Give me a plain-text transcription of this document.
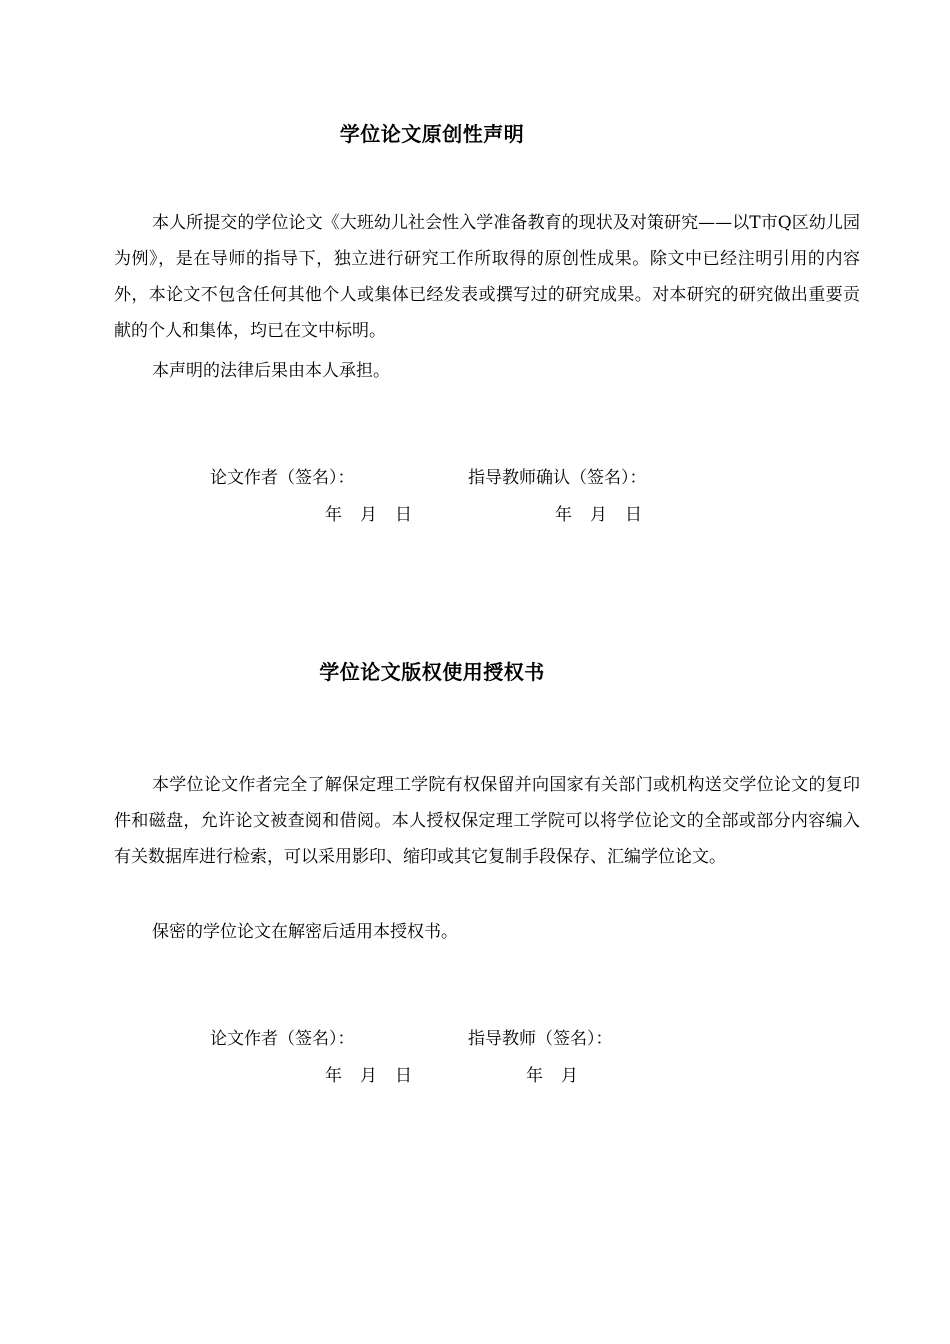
学位论文原创性声明

本人所提交的学位论文《大班幼儿社会性入学准备教育的现状及对策研究——以T市Q区幼儿园为例》，是在导师的指导下，独立进行研究工作所取得的原创性成果。除文中已经注明引用的内容外，本论文不包含任何其他个人或集体已经发表或撰写过的研究成果。对本研究的研究做出重要贡献的个人和集体，均已在文中标明。

本声明的法律后果由本人承担。

论文作者（签名）：	指导教师确认（签名）：
年 月 日	年 月 日
学位论文版权使用授权书

本学位论文作者完全了解保定理工学院有权保留并向国家有关部门或机构送交学位论文的复印件和磁盘，允许论文被查阅和借阅。本人授权保定理工学院可以将学位论文的全部或部分内容编入有关数据库进行检索，可以采用影印、缩印或其它复制手段保存、汇编学位论文。

保密的学位论文在解密后适用本授权书。

论文作者（签名）：	指导教师（签名）：
年 月 日	年 月
